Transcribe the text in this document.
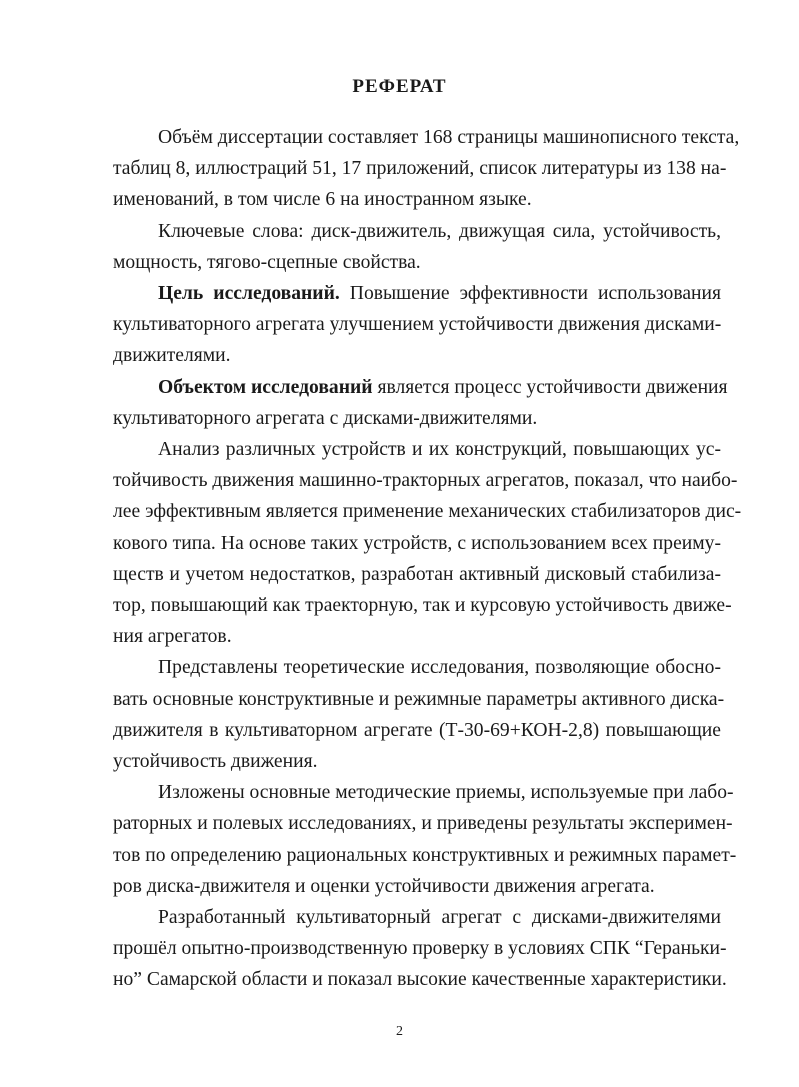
РЕФЕРАТ
Объём диссертации составляет 168 страницы машинописного текста,
таблиц 8, иллюстраций 51, 17 приложений, список литературы из 138 на-
именований, в том числе 6 на иностранном языке.
Ключевые слова: диск-движитель, движущая сила, устойчивость,
мощность, тягово-сцепные свойства.
Цель исследований. Повышение эффективности использования
культиваторного агрегата улучшением устойчивости движения дисками-
движителями.
Объектом исследований является процесс устойчивости движения
культиваторного агрегата с дисками-движителями.
Анализ различных устройств и их конструкций, повышающих ус-
тойчивость движения машинно-тракторных агрегатов, показал, что наибо-
лее эффективным является применение механических стабилизаторов дис-
кового типа. На основе таких устройств, с использованием всех преиму-
ществ и учетом недостатков, разработан активный дисковый стабилиза-
тор, повышающий как траекторную, так и курсовую устойчивость движе-
ния агрегатов.
Представлены теоретические исследования, позволяющие обосно-
вать основные конструктивные и режимные параметры активного диска-
движителя в культиваторном агрегате (Т-30-69+КОН-2,8) повышающие
устойчивость движения.
Изложены основные методические приемы, используемые при лабо-
раторных и полевых исследованиях, и приведены результаты эксперимен-
тов по определению рациональных конструктивных и режимных парамет-
ров диска-движителя и оценки устойчивости движения агрегата.
Разработанный культиваторный агрегат с дисками-движителями
прошёл опытно-производственную проверку в условиях СПК “Гераньки-
но” Самарской области и показал высокие качественные характеристики.
2
